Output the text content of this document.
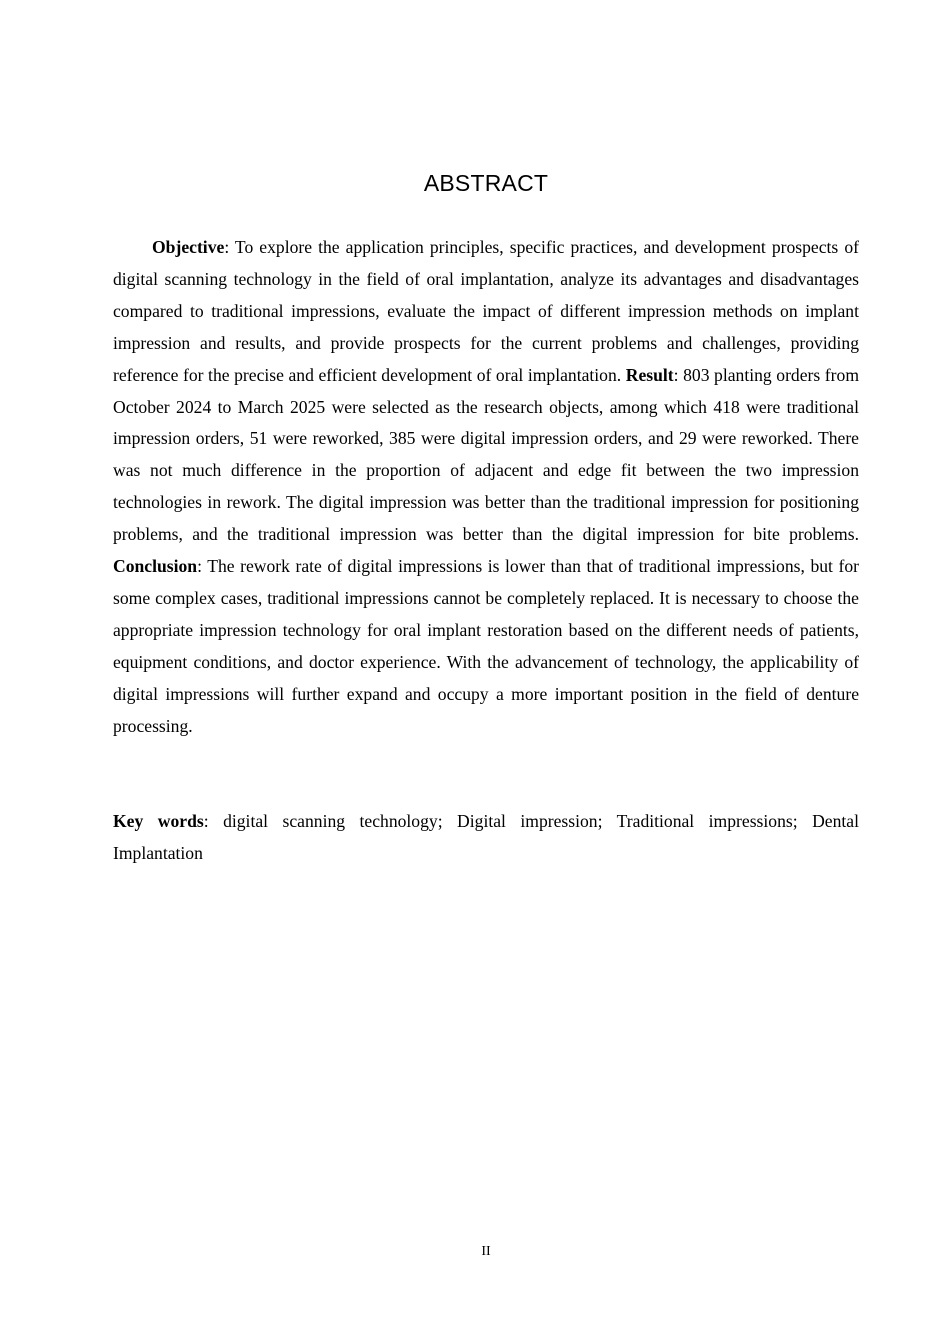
ABSTRACT

Objective: To explore the application principles, specific practices, and development prospects of digital scanning technology in the field of oral implantation, analyze its advantages and disadvantages compared to traditional impressions, evaluate the impact of different impression methods on implant impression and results, and provide prospects for the current problems and challenges, providing reference for the precise and efficient development of oral implantation. Result: 803 planting orders from October 2024 to March 2025 were selected as the research objects, among which 418 were traditional impression orders, 51 were reworked, 385 were digital impression orders, and 29 were reworked. There was not much difference in the proportion of adjacent and edge fit between the two impression technologies in rework. The digital impression was better than the traditional impression for positioning problems, and the traditional impression was better than the digital impression for bite problems. Conclusion: The rework rate of digital impressions is lower than that of traditional impressions, but for some complex cases, traditional impressions cannot be completely replaced. It is necessary to choose the appropriate impression technology for oral implant restoration based on the different needs of patients, equipment conditions, and doctor experience. With the advancement of technology, the applicability of digital impressions will further expand and occupy a more important position in the field of denture processing.

Key words: digital scanning technology; Digital impression; Traditional impressions; Dental Implantation

II
